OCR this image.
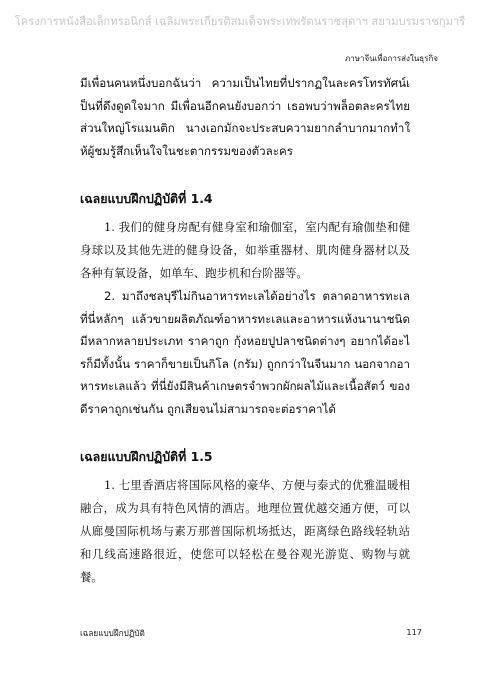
โครงการหนังสือเล็กทรอนิกส์ เฉลิมพระเกียรติสมเด็จพระเทพรัตนราชสุดาฯ สยามบรมราชกุมารี
ภาษาจีนเพื่อการส่งในธุรกิจ

มีเพื่อนคนหนึ่งบอกฉันว่า ความเป็นไทยที่ปรากฏในละครโทรทัศน์เป็นที่ดึงดูดใจมาก มีเพื่อนอีกคนยังบอกว่า เธอพบว่าพล็อตละครไทยส่วนใหญ่โรแมนติก นางเอกมักจะประสบความยากลำบากมากทำให้ผู้ชมรู้สึกเห็นใจในชะตากรรมของตัวละคร

เฉลยแบบฝึกปฏิบัติที่ 1.4

1. 我们的健身房配有健身室和瑜伽室，室内配有瑜伽垫和健身球以及其他先进的健身设备，如举重器材、肌肉健身器材以及各种有氧设备，如单车、跑步机和台阶器等。

2. มาถึงชลบุรีไม่กินอาหารทะเลได้อย่างไร ตลาดอาหารทะเลที่นี่หลักๆ แล้วขายผลิตภัณฑ์อาหารทะเลและอาหารแห้งนานาชนิด มีหลากหลายประเภท ราคาถูก กุ้งหอยปูปลาชนิดต่างๆ อยากได้อะไรก็มีทั้งนั้น ราคาก็ขายเป็นกิโล (กรัม) ถูกกว่าในจีนมาก นอกจากอาหารทะเลแล้ว ที่นี่ยังมีสินค้าเกษตรจำพวกผักผลไม้และเนื้อสัตว์ ของดีราคาถูกเช่นกัน ถูกเสียจนไม่สามารถจะต่อราคาได้

เฉลยแบบฝึกปฏิบัติที่ 1.5

1. 七里香酒店将国际风格的豪华、方便与泰式的优雅温暖相融合，成为具有特色风情的酒店。地理位置优越交通方便，可以从廊曼国际机场与素万那普国际机场抵达，距离绿色路线轻轨站和几线高速路很近，使您可以轻松在曼谷观光游览、购物与就餐。

เฉลยแบบฝึกปฏิบัติ	117
